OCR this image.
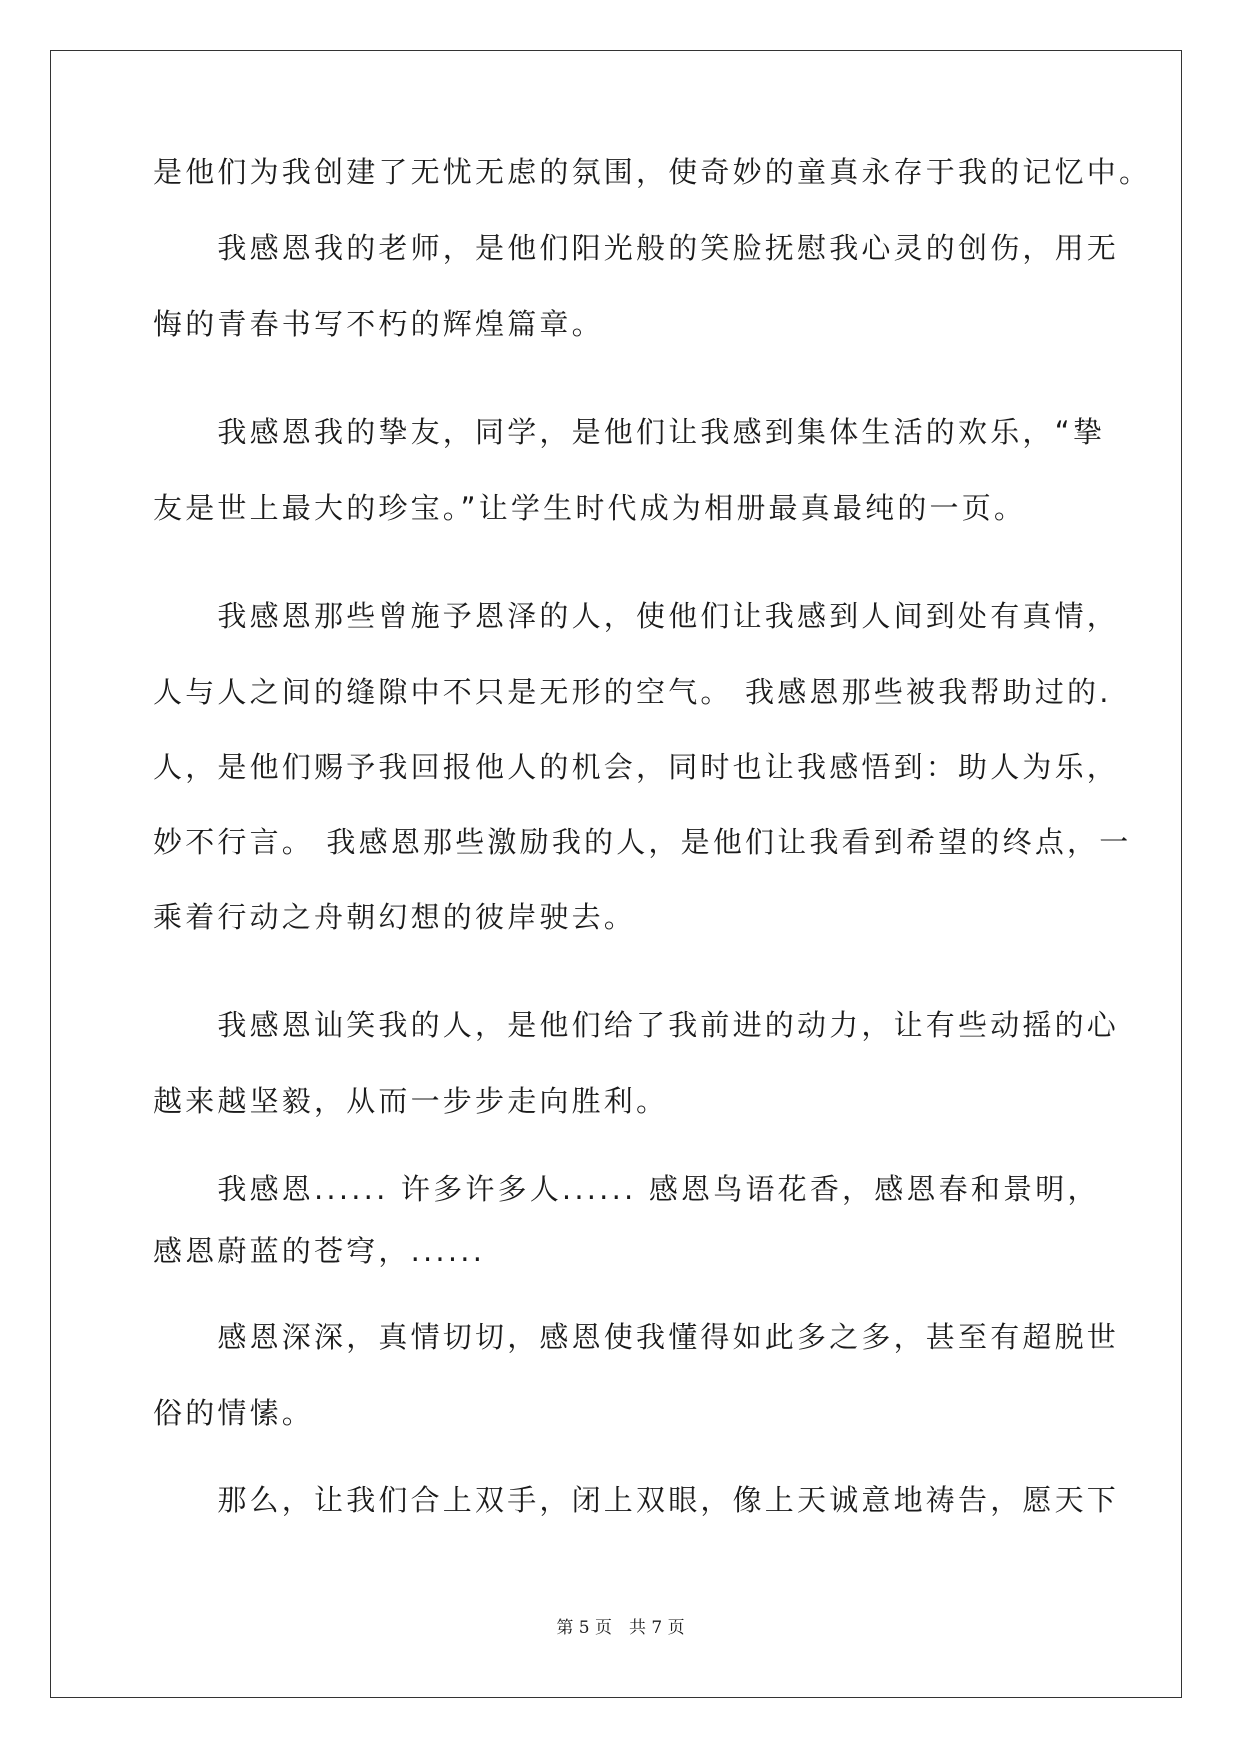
是他们为我创建了无忧无虑的氛围，使奇妙的童真永存于我的记忆中。
　　我感恩我的老师，是他们阳光般的笑脸抚慰我心灵的创伤，用无
悔的青春书写不朽的辉煌篇章。
　　我感恩我的挚友，同学，是他们让我感到集体生活的欢乐，“挚
友是世上最大的珍宝。”让学生时代成为相册最真最纯的一页。
　　我感恩那些曾施予恩泽的人，使他们让我感到人间到处有真情，
人与人之间的缝隙中不只是无形的空气。 我感恩那些被我帮助过的.
人，是他们赐予我回报他人的机会，同时也让我感悟到：助人为乐，
妙不行言。 我感恩那些激励我的人，是他们让我看到希望的终点，一
乘着行动之舟朝幻想的彼岸驶去。
　　我感恩讪笑我的人，是他们给了我前进的动力，让有些动摇的心
越来越坚毅，从而一步步走向胜利。
　　我感恩...... 许多许多人...... 感恩鸟语花香，感恩春和景明，
感恩蔚蓝的苍穹，......
　　感恩深深，真情切切，感恩使我懂得如此多之多，甚至有超脱世
俗的情愫。
　　那么，让我们合上双手，闭上双眼，像上天诚意地祷告，愿天下
第 5 页　共 7 页
